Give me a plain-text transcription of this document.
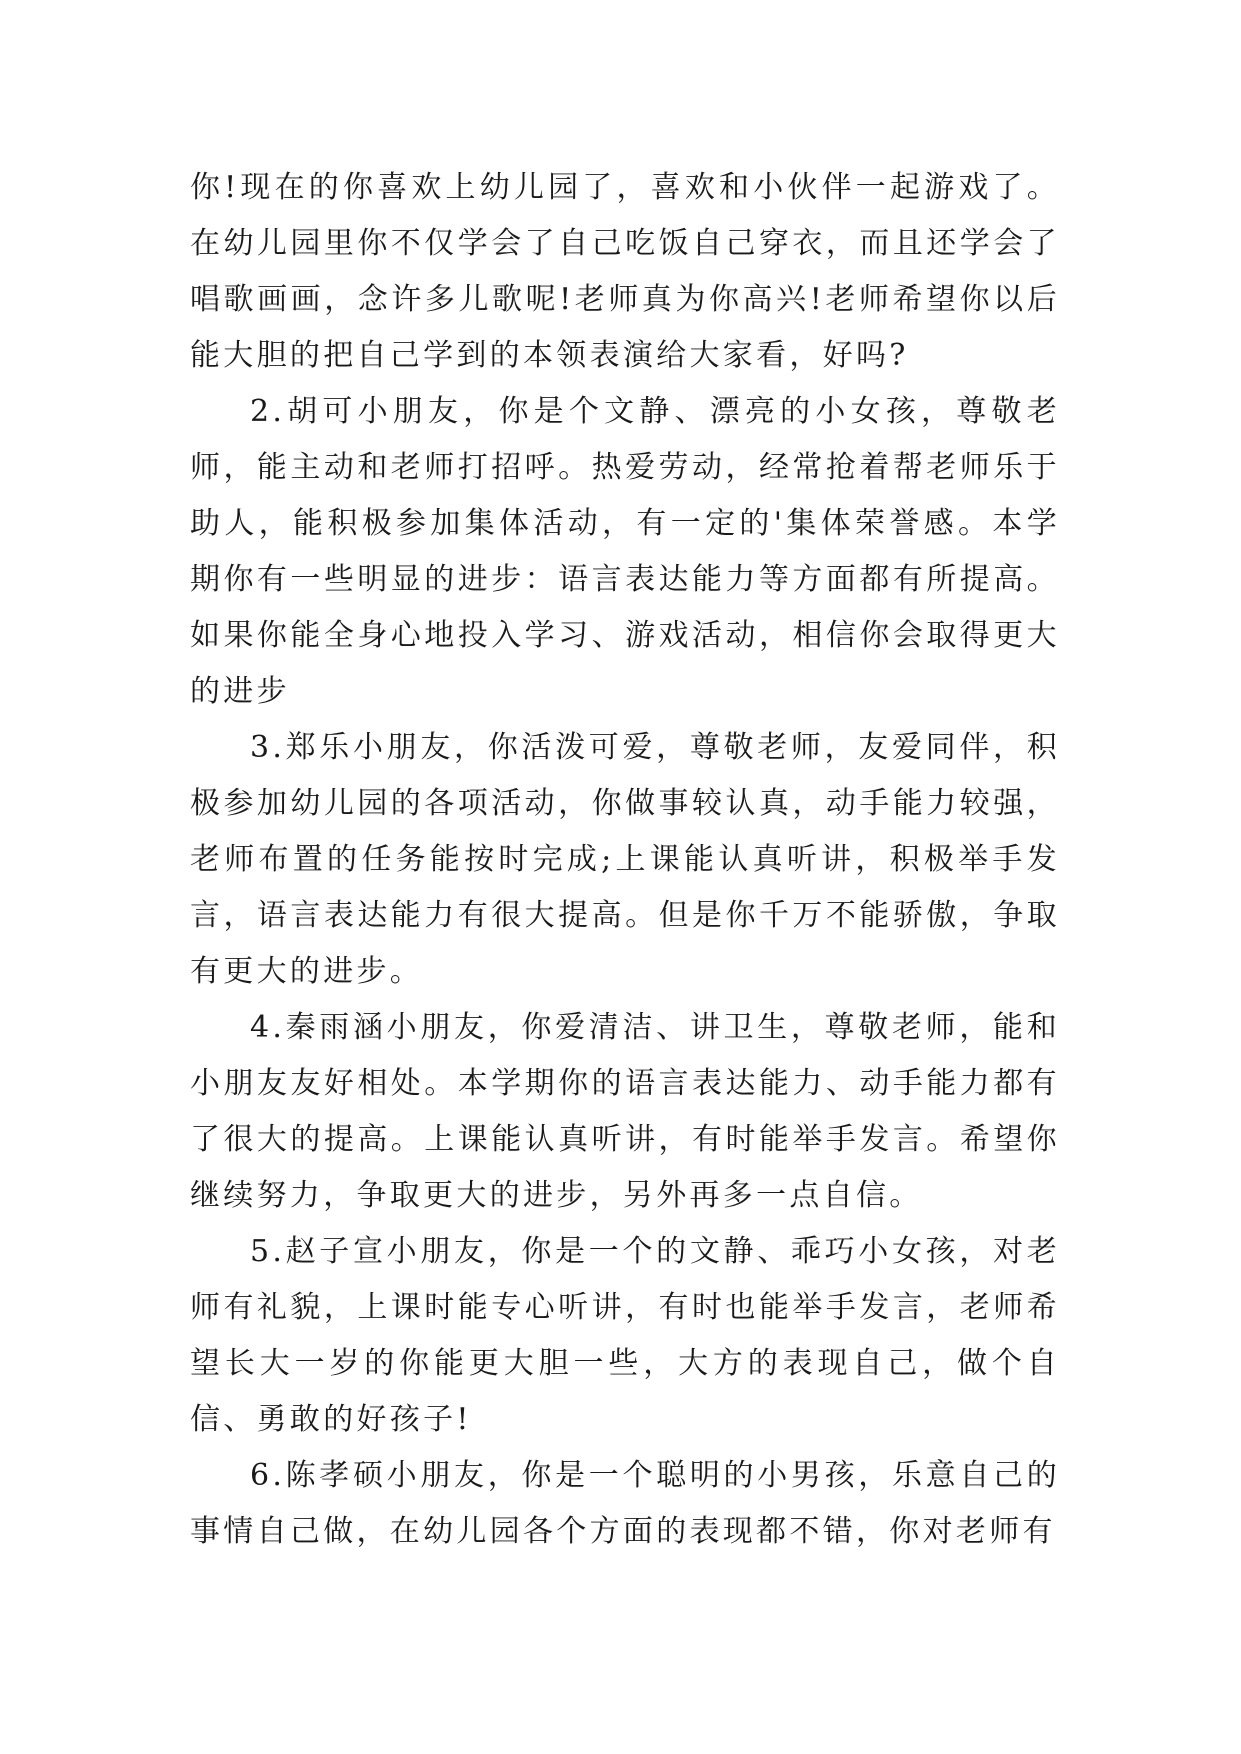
你!现在的你喜欢上幼儿园了，喜欢和小伙伴一起游戏了。在幼儿园里你不仅学会了自己吃饭自己穿衣，而且还学会了唱歌画画，念许多儿歌呢!老师真为你高兴!老师希望你以后能大胆的把自己学到的本领表演给大家看，好吗?

2.胡可小朋友，你是个文静、漂亮的小女孩，尊敬老师，能主动和老师打招呼。热爱劳动，经常抢着帮老师乐于助人，能积极参加集体活动，有一定的'集体荣誉感。本学期你有一些明显的进步：语言表达能力等方面都有所提高。如果你能全身心地投入学习、游戏活动，相信你会取得更大的进步

3.郑乐小朋友，你活泼可爱，尊敬老师，友爱同伴，积极参加幼儿园的各项活动，你做事较认真，动手能力较强，老师布置的任务能按时完成;上课能认真听讲，积极举手发言，语言表达能力有很大提高。但是你千万不能骄傲，争取有更大的进步。

4.秦雨涵小朋友，你爱清洁、讲卫生，尊敬老师，能和小朋友友好相处。本学期你的语言表达能力、动手能力都有了很大的提高。上课能认真听讲，有时能举手发言。希望你继续努力，争取更大的进步，另外再多一点自信。

5.赵子宣小朋友，你是一个的文静、乖巧小女孩，对老师有礼貌，上课时能专心听讲，有时也能举手发言，老师希望长大一岁的你能更大胆一些，大方的表现自己，做个自信、勇敢的好孩子!

6.陈孝硕小朋友，你是一个聪明的小男孩，乐意自己的事情自己做，在幼儿园各个方面的表现都不错，你对老师有
